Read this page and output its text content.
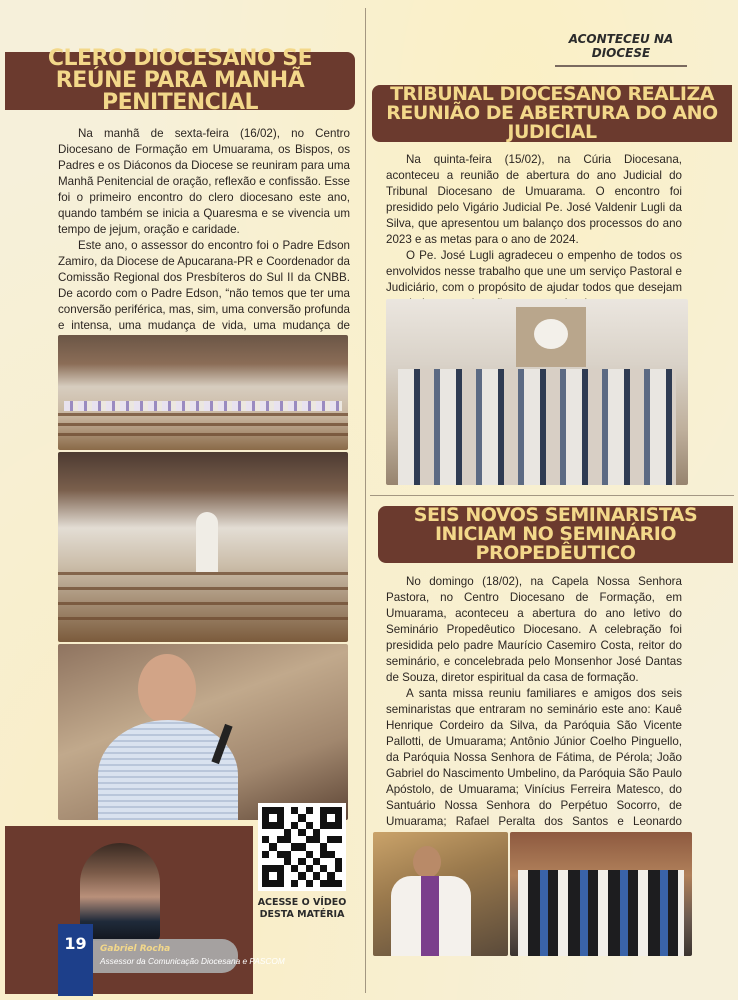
ACONTECEU NA DIOCESE
CLERO DIOCESANO SE REÚNE PARA MANHÃ PENITENCIAL

Na manhã de sexta-feira (16/02), no Centro Diocesano de Formação em Umuarama, os Bispos, os Padres e os Diáconos da Diocese se reuniram para uma Manhã Penitencial de oração, reflexão e confissão. Esse foi o primeiro encontro do clero diocesano este ano, quando também se inicia a Quaresma e se vivencia um tempo de jejum, oração e caridade.

Este ano, o assessor do encontro foi o Padre Edson Zamiro, da Diocese de Apucarana-PR e Coordenador da Comissão Regional dos Presbíteros do Sul II da CNBB. De acordo com o Padre Edson, “não temos que ter uma conversão periférica, mas, sim, uma conversão profunda e intensa, uma mudança de vida, uma mudança de

TRIBUNAL DIOCESANO REALIZA REUNIÃO DE ABERTURA DO ANO JUDICIAL

Na quinta-feira (15/02), na Cúria Diocesana, aconteceu a reunião de abertura do ano Judicial do Tribunal Diocesano de Umuarama. O encontro foi presidido pelo Vigário Judicial Pe. José Valdenir Lugli da Silva, que apresentou um balanço dos processos do ano 2023 e as metas para o ano de 2024.

O Pe. José Lugli agradeceu o empenho de todos os envolvidos nesse trabalho que une um serviço Pastoral e Judiciário, com o propósito de ajudar todos que desejam

SEIS NOVOS SEMINARISTAS INICIAM NO SEMINÁRIO PROPEDÊUTICO

No domingo (18/02), na Capela Nossa Senhora Pastora, no Centro Diocesano de Formação, em Umuarama, aconteceu a abertura do ano letivo do Seminário Propedêutico Diocesano. A celebração foi presidida pelo padre Maurício Casemiro Costa, reitor do seminário, e concelebrada pelo Monsenhor José Dantas de Souza, diretor espiritual da casa de formação.

A santa missa reuniu familiares e amigos dos seis seminaristas que entraram no seminário este ano: Kauê Henrique Cordeiro da Silva, da Paróquia São Vicente Pallotti, de Umuarama; Antônio Júnior Coelho Pinguello, da Paróquia Nossa Senhora de Fátima, de Pérola; João Gabriel do Nascimento Umbelino, da Paróquia São Paulo Apóstolo, de Umuarama; Vinícius Ferreira Matesco, do Santuário Nossa Senhora do Perpétuo Socorro, de Umuarama; Rafael Peralta dos Santos e Leonardo

ACESSE O VÍDEO DESTA MATÉRIA
19	Gabriel Rocha
Assessor da Comunicação Diocesana e PASCOM
